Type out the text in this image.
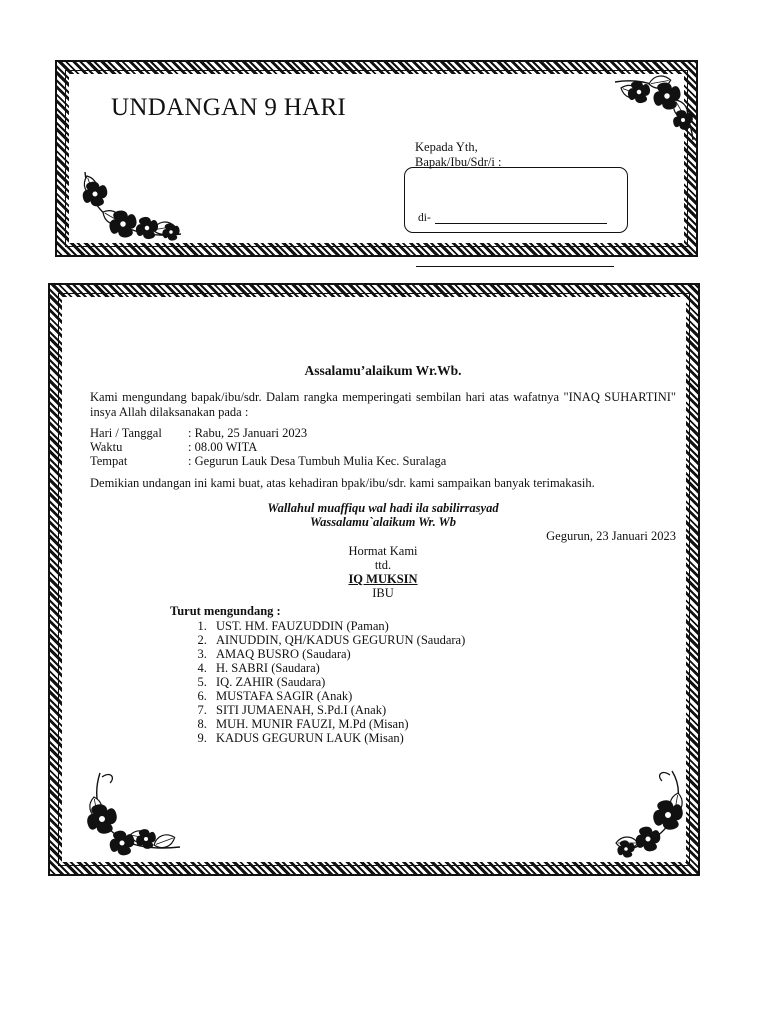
UNDANGAN 9 HARI
Kepada Yth,
Bapak/Ibu/Sdr/i :
di-

Assalamu’alaikum Wr.Wb.

Kami mengundang bapak/ibu/sdr. Dalam rangka memperingati sembilan hari atas wafatnya "INAQ SUHARTINI" insya Allah dilaksanakan pada :

Hari / Tanggal	: Rabu, 25 Januari 2023
Waktu	: 08.00 WITA
Tempat	: Gegurun Lauk Desa Tumbuh Mulia Kec. Suralaga

Demikian undangan ini kami buat, atas kehadiran bpak/ibu/sdr. kami sampaikan banyak terimakasih.

Wallahul muaffiqu wal hadi ila sabilirrasyad
Wassalamu`alaikum Wr. Wb
Gegurun, 23 Januari 2023
Hormat Kami
ttd.
IQ MUKSIN
IBU
Turut mengundang :
1. UST. HM. FAUZUDDIN (Paman)
2. AINUDDIN, QH/KADUS GEGURUN (Saudara)
3. AMAQ BUSRO (Saudara)
4. H. SABRI (Saudara)
5. IQ. ZAHIR (Saudara)
6. MUSTAFA SAGIR (Anak)
7. SITI JUMAENAH, S.Pd.I (Anak)
8. MUH. MUNIR FAUZI, M.Pd (Misan)
9. KADUS GEGURUN LAUK (Misan)
